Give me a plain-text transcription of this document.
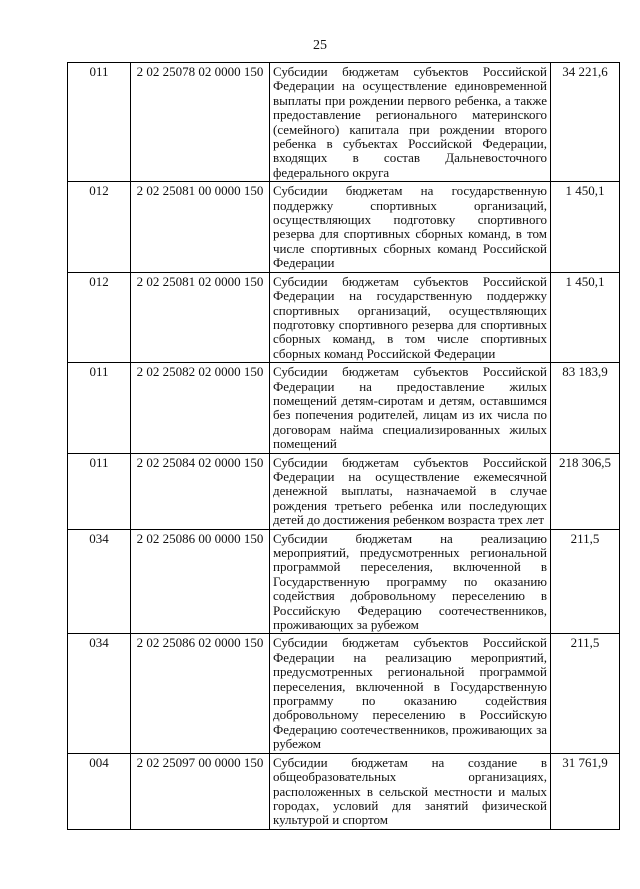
25
011	2 02 25078 02 0000 150	Субсидии бюджетам субъектов Российской Федерации на осуществление единовременной выплаты при рождении первого ребенка, а также предоставление регионального материнского (семейного) капитала при рождении второго ребенка в субъектах Российской Федерации, входящих в состав Дальневосточного федерального округа	34 221,6
012	2 02 25081 00 0000 150	Субсидии бюджетам на государственную поддержку спортивных организаций, осуществляющих подготовку спортивного резерва для спортивных сборных команд, в том числе спортивных сборных команд Российской Федерации	1 450,1
012	2 02 25081 02 0000 150	Субсидии бюджетам субъектов Российской Федерации на государственную поддержку спортивных организаций, осуществляющих подготовку спортивного резерва для спортивных сборных команд, в том числе спортивных сборных команд Российской Федерации	1 450,1
011	2 02 25082 02 0000 150	Субсидии бюджетам субъектов Российской Федерации на предоставление жилых помещений детям-сиротам и детям, оставшимся без попечения родителей, лицам из их числа по договорам найма специализированных жилых помещений	83 183,9
011	2 02 25084 02 0000 150	Субсидии бюджетам субъектов Российской Федерации на осуществление ежемесячной денежной выплаты, назначаемой в случае рождения третьего ребенка или последующих детей до достижения ребенком возраста трех лет	218 306,5
034	2 02 25086 00 0000 150	Субсидии бюджетам на реализацию мероприятий, предусмотренных региональной программой переселения, включенной в Государственную программу по оказанию содействия добровольному переселению в Российскую Федерацию соотечественников, проживающих за рубежом	211,5
034	2 02 25086 02 0000 150	Субсидии бюджетам субъектов Российской Федерации на реализацию мероприятий, предусмотренных региональной программой переселения, включенной в Государственную программу по оказанию содействия добровольному переселению в Российскую Федерацию соотечественников, проживающих за рубежом	211,5
004	2 02 25097 00 0000 150	Субсидии бюджетам на создание в общеобразовательных организациях, расположенных в сельской местности и малых городах, условий для занятий физической культурой и спортом	31 761,9
